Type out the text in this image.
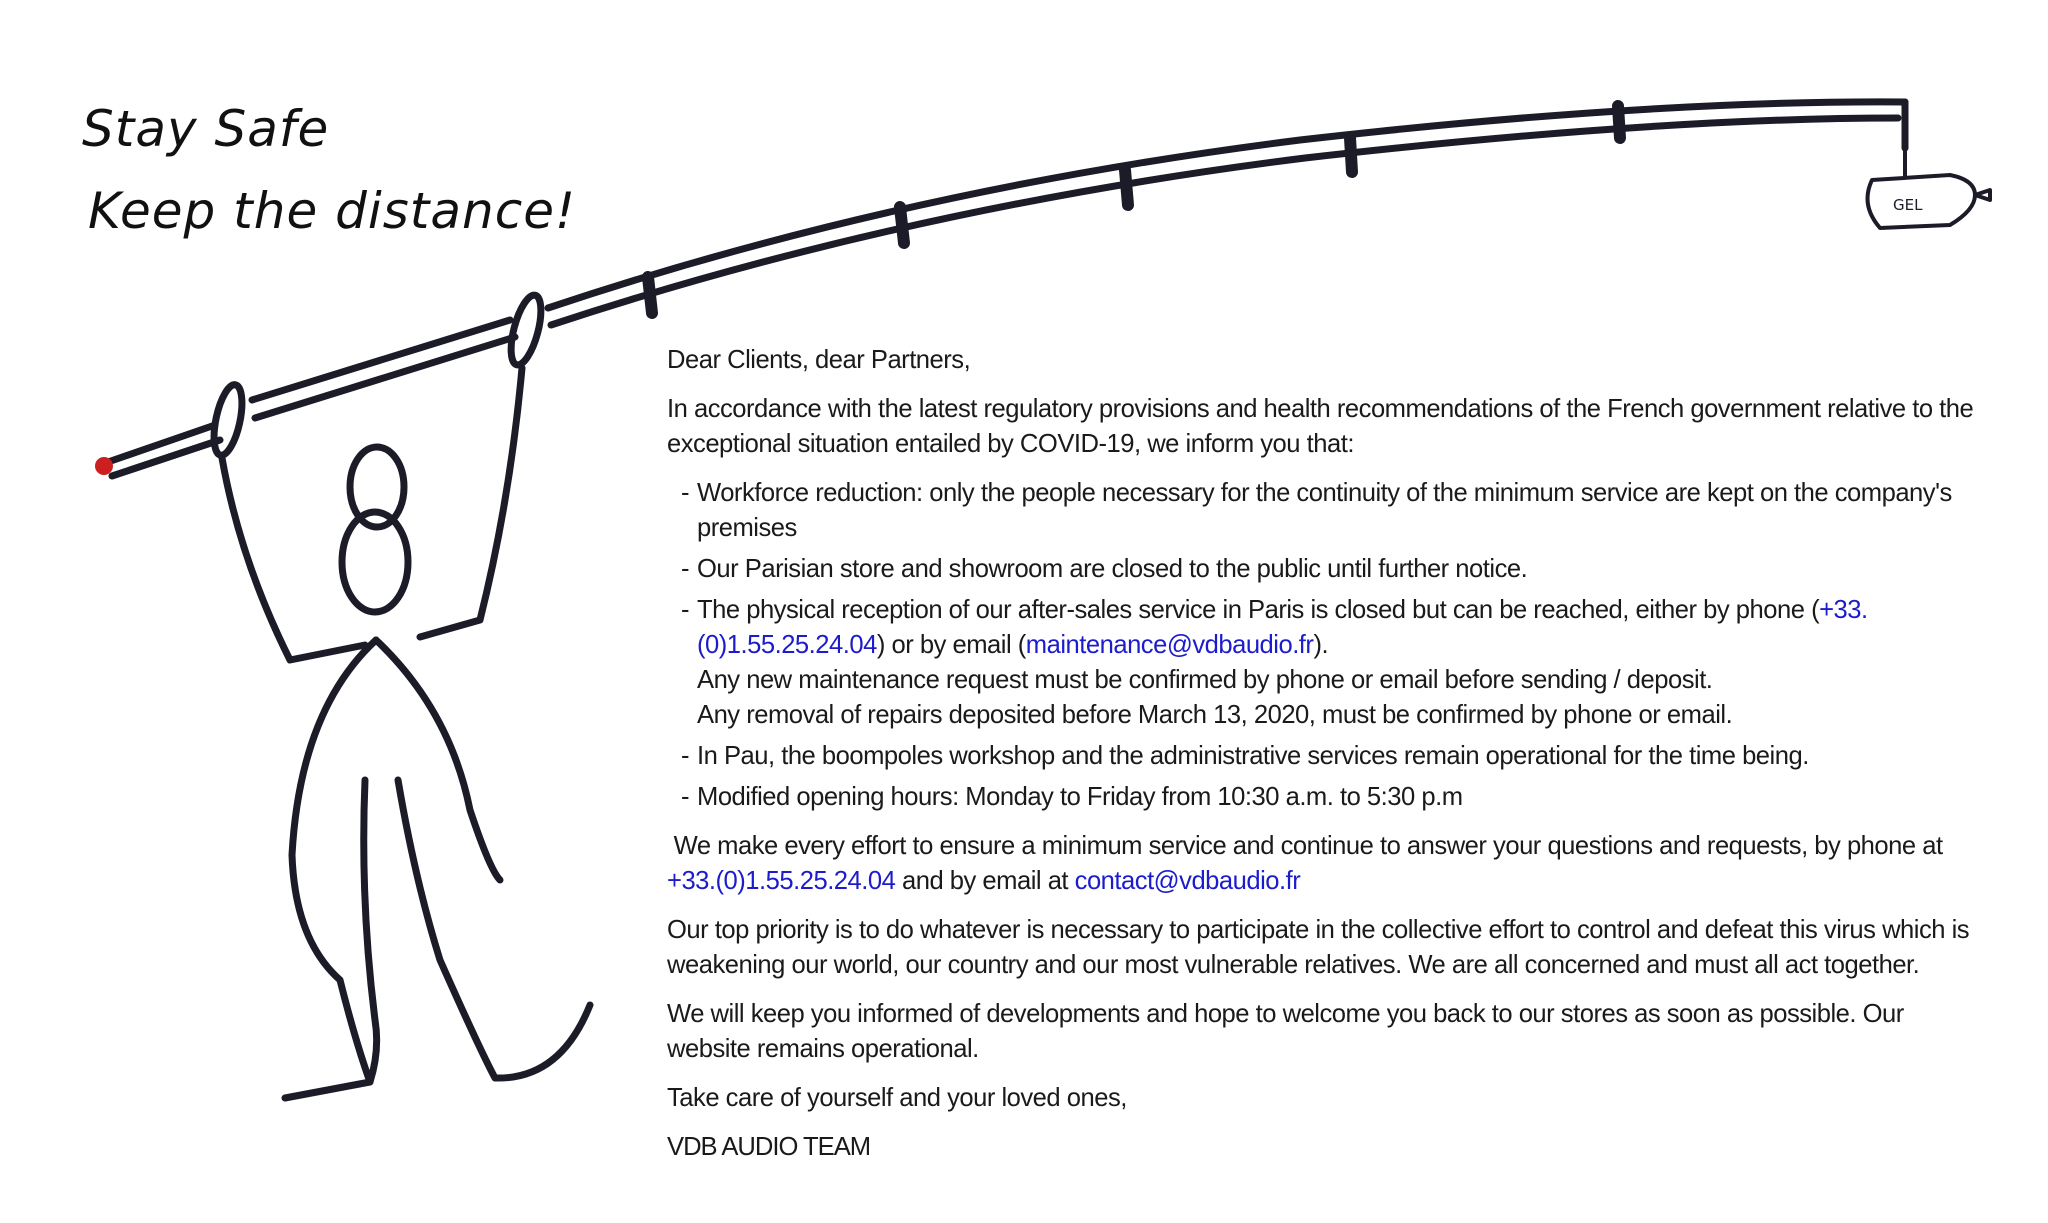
GEL
Stay Safe
Keep the distance!

Dear Clients, dear Partners,

In accordance with the latest regulatory provisions and health recommendations of the French government relative to the exceptional situation entailed by COVID-19, we inform you that:

- Workforce reduction: only the people necessary for the continuity of the minimum service are kept on the company's premises
- Our Parisian store and showroom are closed to the public until further notice.
- The physical reception of our after-sales service in Paris is closed but can be reached, either by phone (+33.(0)1.55.25.24.04) or by email (maintenance@vdbaudio.fr).
Any new maintenance request must be confirmed by phone or email before sending / deposit.
Any removal of repairs deposited before March 13, 2020, must be confirmed by phone or email.
- In Pau, the boompoles workshop and the administrative services remain operational for the time being.
- Modified opening hours: Monday to Friday from 10:30 a.m. to 5:30 p.m

We make every effort to ensure a minimum service and continue to answer your questions and requests, by phone at +33.(0)1.55.25.24.04 and by email at contact@vdbaudio.fr

Our top priority is to do whatever is necessary to participate in the collective effort to control and defeat this virus which is weakening our world, our country and our most vulnerable relatives. We are all concerned and must all act together.

We will keep you informed of developments and hope to welcome you back to our stores as soon as possible. Our website remains operational.

Take care of yourself and your loved ones,

VDB AUDIO TEAM
